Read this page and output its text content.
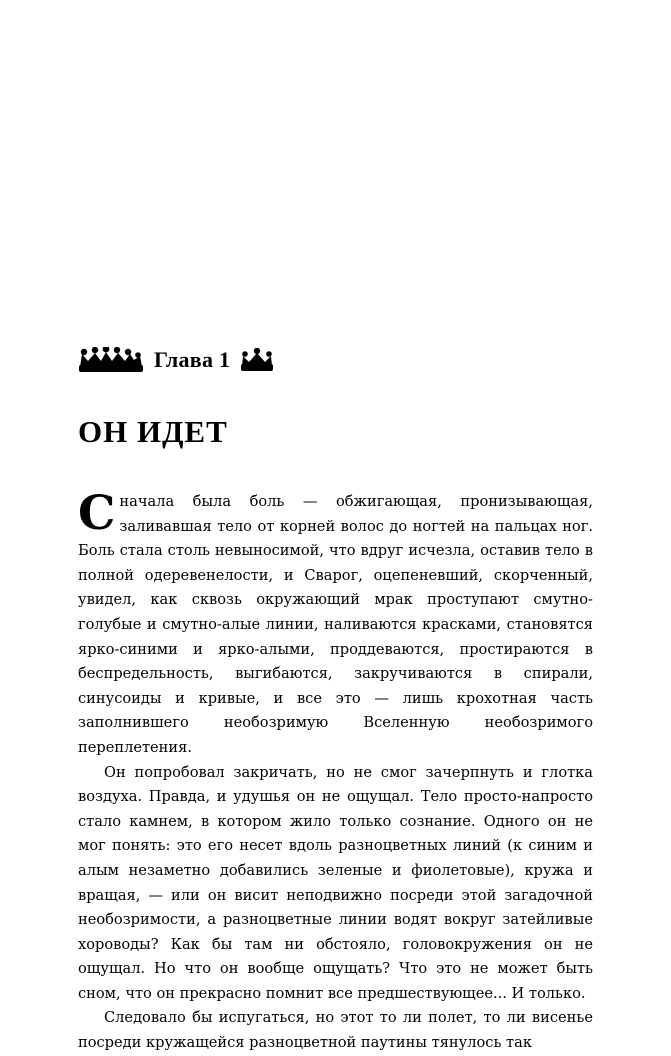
Глава 1
ОН ИДЕТ

Сначала была боль — обжигающая, пронизывающая, заливавшая тело от корней волос до ногтей на пальцах ног. Боль стала столь невыносимой, что вдруг исчезла, оставив тело в полной одеревенелости, и Сварог, оцепеневший, скорченный, увидел, как сквозь окружающий мрак проступают смутно-голубые и смутно-алые линии, наливаются красками, становятся ярко-синими и ярко-алыми, проддеваются, простираются в беспредельность, выгибаются, закручиваются в спирали, синусоиды и кривые, и все это — лишь крохотная часть заполнившего необозримую Вселенную необозримого переплетения.

Он попробовал закричать, но не смог зачерпнуть и глотка воздуха. Правда, и удушья он не ощущал. Тело просто-напросто стало камнем, в котором жило только сознание. Одного он не мог понять: это его несет вдоль разноцветных линий (к синим и алым незаметно добавились зеленые и фиолетовые), кружа и вращая, — или он висит неподвижно посреди этой загадочной необозримости, а разноцветные линии водят вокруг затейливые хороводы? Как бы там ни обстояло, головокружения он не ощущал. Но что он вообще ощущать? Что это не может быть сном, что он прекрасно помнит все предшествующее... И только.

Следовало бы испугаться, но этот то ли полет, то ли висенье посреди кружащейся разноцветной паутины тянулось так
